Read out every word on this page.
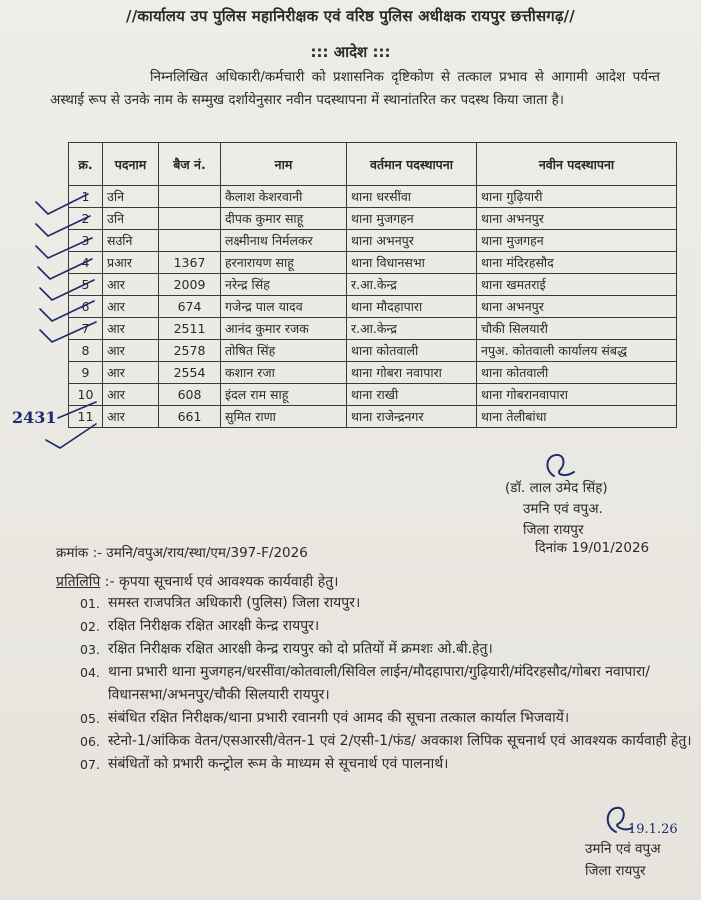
//कार्यालय उप पुलिस महानिरीक्षक एवं वरिष्ठ पुलिस अधीक्षक रायपुर छत्तीसगढ़//
::: आदेश :::
निम्नलिखित अधिकारी/कर्मचारी को प्रशासनिक दृष्टिकोण से तत्काल प्रभाव से आगामी आदेश पर्यन्त अस्थाई रूप से उनके नाम के सम्मुख दर्शायेनुसार नवीन पदस्थापना में स्थानांतरित कर पदस्थ किया जाता है।
क्र.	पदनाम	बैज नं.	नाम	वर्तमान पदस्थापना	नवीन पदस्थापना
1	उनि		कैलाश केशरवानी	थाना धरसींवा	थाना गुढ़ियारी
2	उनि		दीपक कुमार साहू	थाना मुजगहन	थाना अभनपुर
3	सउनि		लक्ष्मीनाथ निर्मलकर	थाना अभनपुर	थाना मुजगहन
4	प्रआर	1367	हरनारायण साहू	थाना विधानसभा	थाना मंदिरहसौद
5	आर	2009	नरेन्द्र सिंह	र.आ.केन्द्र	थाना खमतराई
6	आर	674	गजेन्द्र पाल यादव	थाना मौदहापारा	थाना अभनपुर
7	आर	2511	आनंद कुमार रजक	र.आ.केन्द्र	चौकी सिलयारी
8	आर	2578	तोषित सिंह	थाना कोतवाली	नपुअ. कोतवाली कार्यालय संबद्ध
9	आर	2554	कशान रजा	थाना गोबरा नवापारा	थाना कोतवाली
10	आर	608	इंदल राम साहू	थाना राखी	थाना गोबरानवापारा
11	आर	661	सुमित राणा	थाना राजेन्द्रनगर	थाना तेलीबांधा
2431
(डॉ. लाल उमेद सिंह)
उमनि एवं वपुअ.
जिला रायपुर
क्रमांक :- उमनि/वपुअ/राय/स्था/एम/397-F/2026	दिनांक 19/01/2026
प्रतिलिपि :- कृपया सूचनार्थ एवं आवश्यक कार्यवाही हेतु।
01. समस्त राजपत्रित अधिकारी (पुलिस) जिला रायपुर।
02. रक्षित निरीक्षक रक्षित आरक्षी केन्द्र रायपुर।
03. रक्षित निरीक्षक रक्षित आरक्षी केन्द्र रायपुर को दो प्रतियों में क्रमशः ओ.बी.हेतु।
04. थाना प्रभारी थाना मुजगहन/धरसींवा/कोतवाली/सिविल लाईन/मौदहापारा/गुढ़ियारी/मंदिरहसौद/गोबरा नवापारा/विधानसभा/अभनपुर/चौकी सिलयारी रायपुर।
05. संबंधित रक्षित निरीक्षक/थाना प्रभारी रवानगी एवं आमद की सूचना तत्काल कार्याल भिजवायें।
06. स्टेनो-1/आंकिक वेतन/एसआरसी/वेतन-1 एवं 2/एसी-1/फंड/ अवकाश लिपिक सूचनार्थ एवं आवश्यक कार्यवाही हेतु।
07. संबंधितों को प्रभारी कन्ट्रोल रूम के माध्यम से सूचनार्थ एवं पालनार्थ।
19.1.26
उमनि एवं वपुअ
जिला रायपुर
